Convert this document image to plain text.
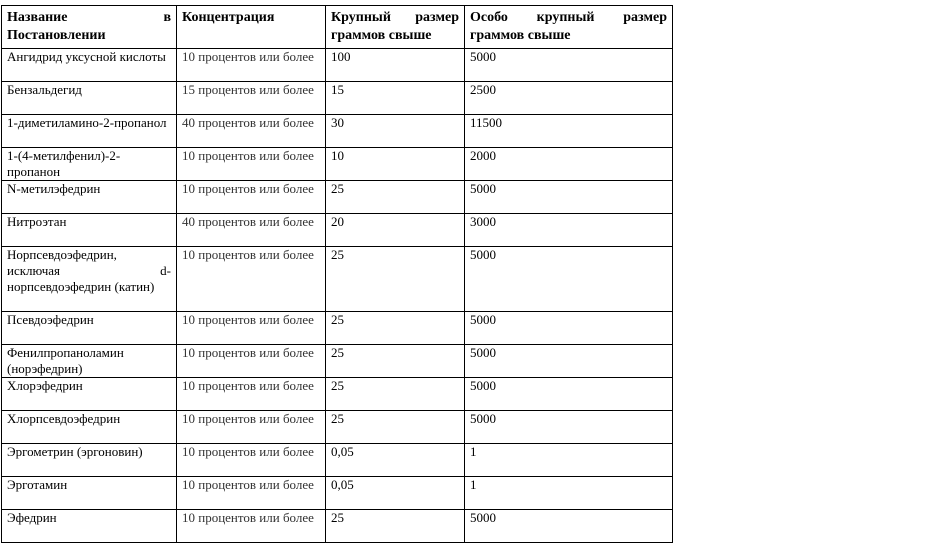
Название в
Постановлении	Концентрация	Крупный размер граммов свыше	Особо крупный размер граммов свыше
Ангидрид уксусной кислоты	10 процентов или более	100	5000
Бензальдегид	15 процентов или более	15	2500
1-диметиламино-2-пропанол	40 процентов или более	30	11500
1-(4-метилфенил)-2-пропанон	10 процентов или более	10	2000
N-метилэфедрин	10 процентов или более	25	5000
Нитроэтан	40 процентов или более	20	3000
Норпсевдоэфедрин, исключая d-норпсевдоэфедрин (катин)	10 процентов или более	25	5000
Псевдоэфедрин	10 процентов или более	25	5000
Фенилпропаноламин (норэфедрин)	10 процентов или более	25	5000
Хлорэфедрин	10 процентов или более	25	5000
Хлорпсевдоэфедрин	10 процентов или более	25	5000
Эргометрин (эргоновин)	10 процентов или более	0,05	1
Эрготамин	10 процентов или более	0,05	1
Эфедрин	10 процентов или более	25	5000
